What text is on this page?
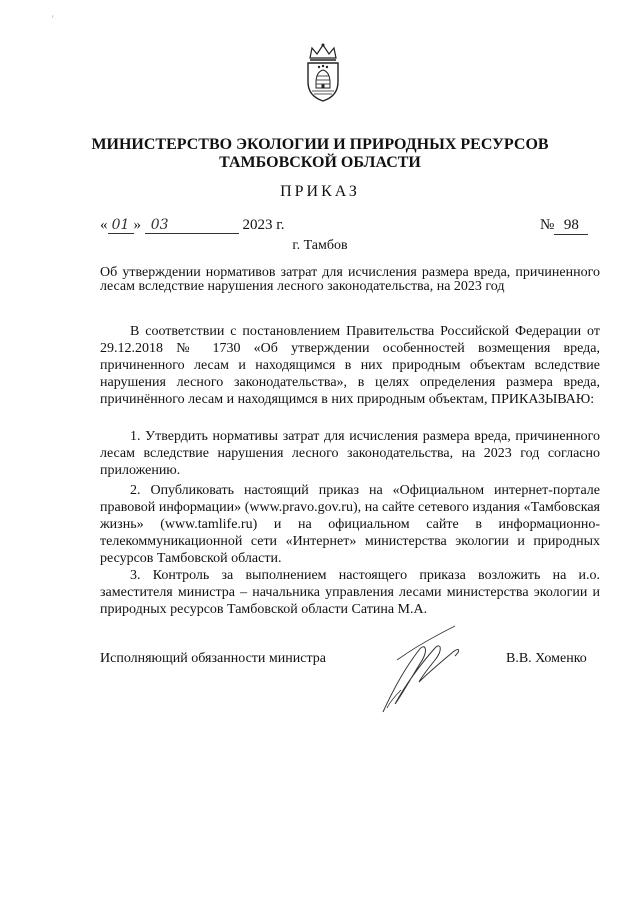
'
МИНИСТЕРСТВО ЭКОЛОГИИ И ПРИРОДНЫХ РЕСУРСОВ
ТАМБОВСКОЙ ОБЛАСТИ
ПРИКАЗ
« 01 » 03	2023 г.	№ 98
г. Тамбов
Об утверждении нормативов затрат для исчисления размера вреда, причиненного лесам вследствие нарушения лесного законодательства, на 2023 год
В соответствии с постановлением Правительства Российской Федерации от 29.12.2018 № 1730 «Об утверждении особенностей возмещения вреда, причиненного лесам и находящимся в них природным объектам вследствие нарушения лесного законодательства», в целях определения размера вреда, причинённого лесам и находящимся в них природным объектам, ПРИКАЗЫВАЮ:
1. Утвердить нормативы затрат для исчисления размера вреда, причиненного лесам вследствие нарушения лесного законодательства, на 2023 год согласно приложению.
2. Опубликовать настоящий приказ на «Официальном интернет-портале правовой информации» (www.pravo.gov.ru), на сайте сетевого издания «Тамбовская жизнь» (www.tamlife.ru) и на официальном сайте в информационно-телекоммуникационной сети «Интернет» министерства экологии и природных ресурсов Тамбовской области.
3. Контроль за выполнением настоящего приказа возложить на и.о. заместителя министра – начальника управления лесами министерства экологии и природных ресурсов Тамбовской области Сатина М.А.
Исполняющий обязанности министра	В.В. Хоменко
